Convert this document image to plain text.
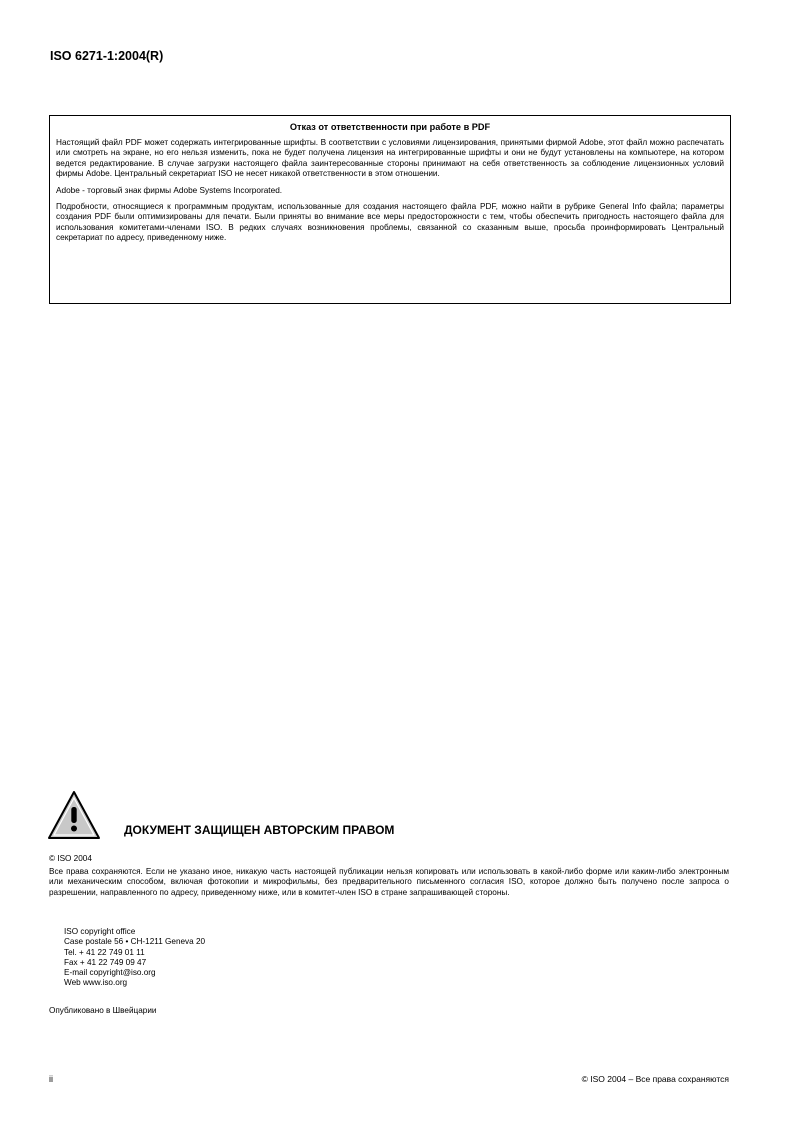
ISO 6271-1:2004(R)
Отказ от ответственности при работе в PDF

Настоящий файл PDF может содержать интегрированные шрифты. В соответствии с условиями лицензирования, принятыми фирмой Adobe, этот файл можно распечатать или смотреть на экране, но его нельзя изменить, пока не будет получена лицензия на интегрированные шрифты и они не будут установлены на компьютере, на котором ведется редактирование. В случае загрузки настоящего файла заинтересованные стороны принимают на себя ответственность за соблюдение лицензионных условий фирмы Adobe. Центральный секретариат ISO не несет никакой ответственности в этом отношении.

Adobe - торговый знак фирмы Adobe Systems Incorporated.

Подробности, относящиеся к программным продуктам, использованные для создания настоящего файла PDF, можно найти в рубрике General Info файла; параметры создания PDF были оптимизированы для печати. Были приняты во внимание все меры предосторожности с тем, чтобы обеспечить пригодность настоящего файла для использования комитетами-членами ISO. В редких случаях возникновения проблемы, связанной со сказанным выше, просьба проинформировать Центральный секретариат по адресу, приведенному ниже.

ДОКУМЕНТ ЗАЩИЩЕН АВТОРСКИМ ПРАВОМ
© ISO 2004

Все права сохраняются. Если не указано иное, никакую часть настоящей публикации нельзя копировать или использовать в какой-либо форме или каким-либо электронным или механическим способом, включая фотокопии и микрофильмы, без предварительного письменного согласия ISO, которое должно быть получено после запроса о разрешении, направленного по адресу, приведенному ниже, или в комитет-член ISO в стране запрашивающей стороны.

ISO copyright office
Case postale 56 • CH-1211 Geneva 20
Tel. + 41 22 749 01 11
Fax + 41 22 749 09 47
E-mail copyright@iso.org
Web www.iso.org
Опубликовано в Швейцарии
ii	© ISO 2004 – Все права сохраняются
